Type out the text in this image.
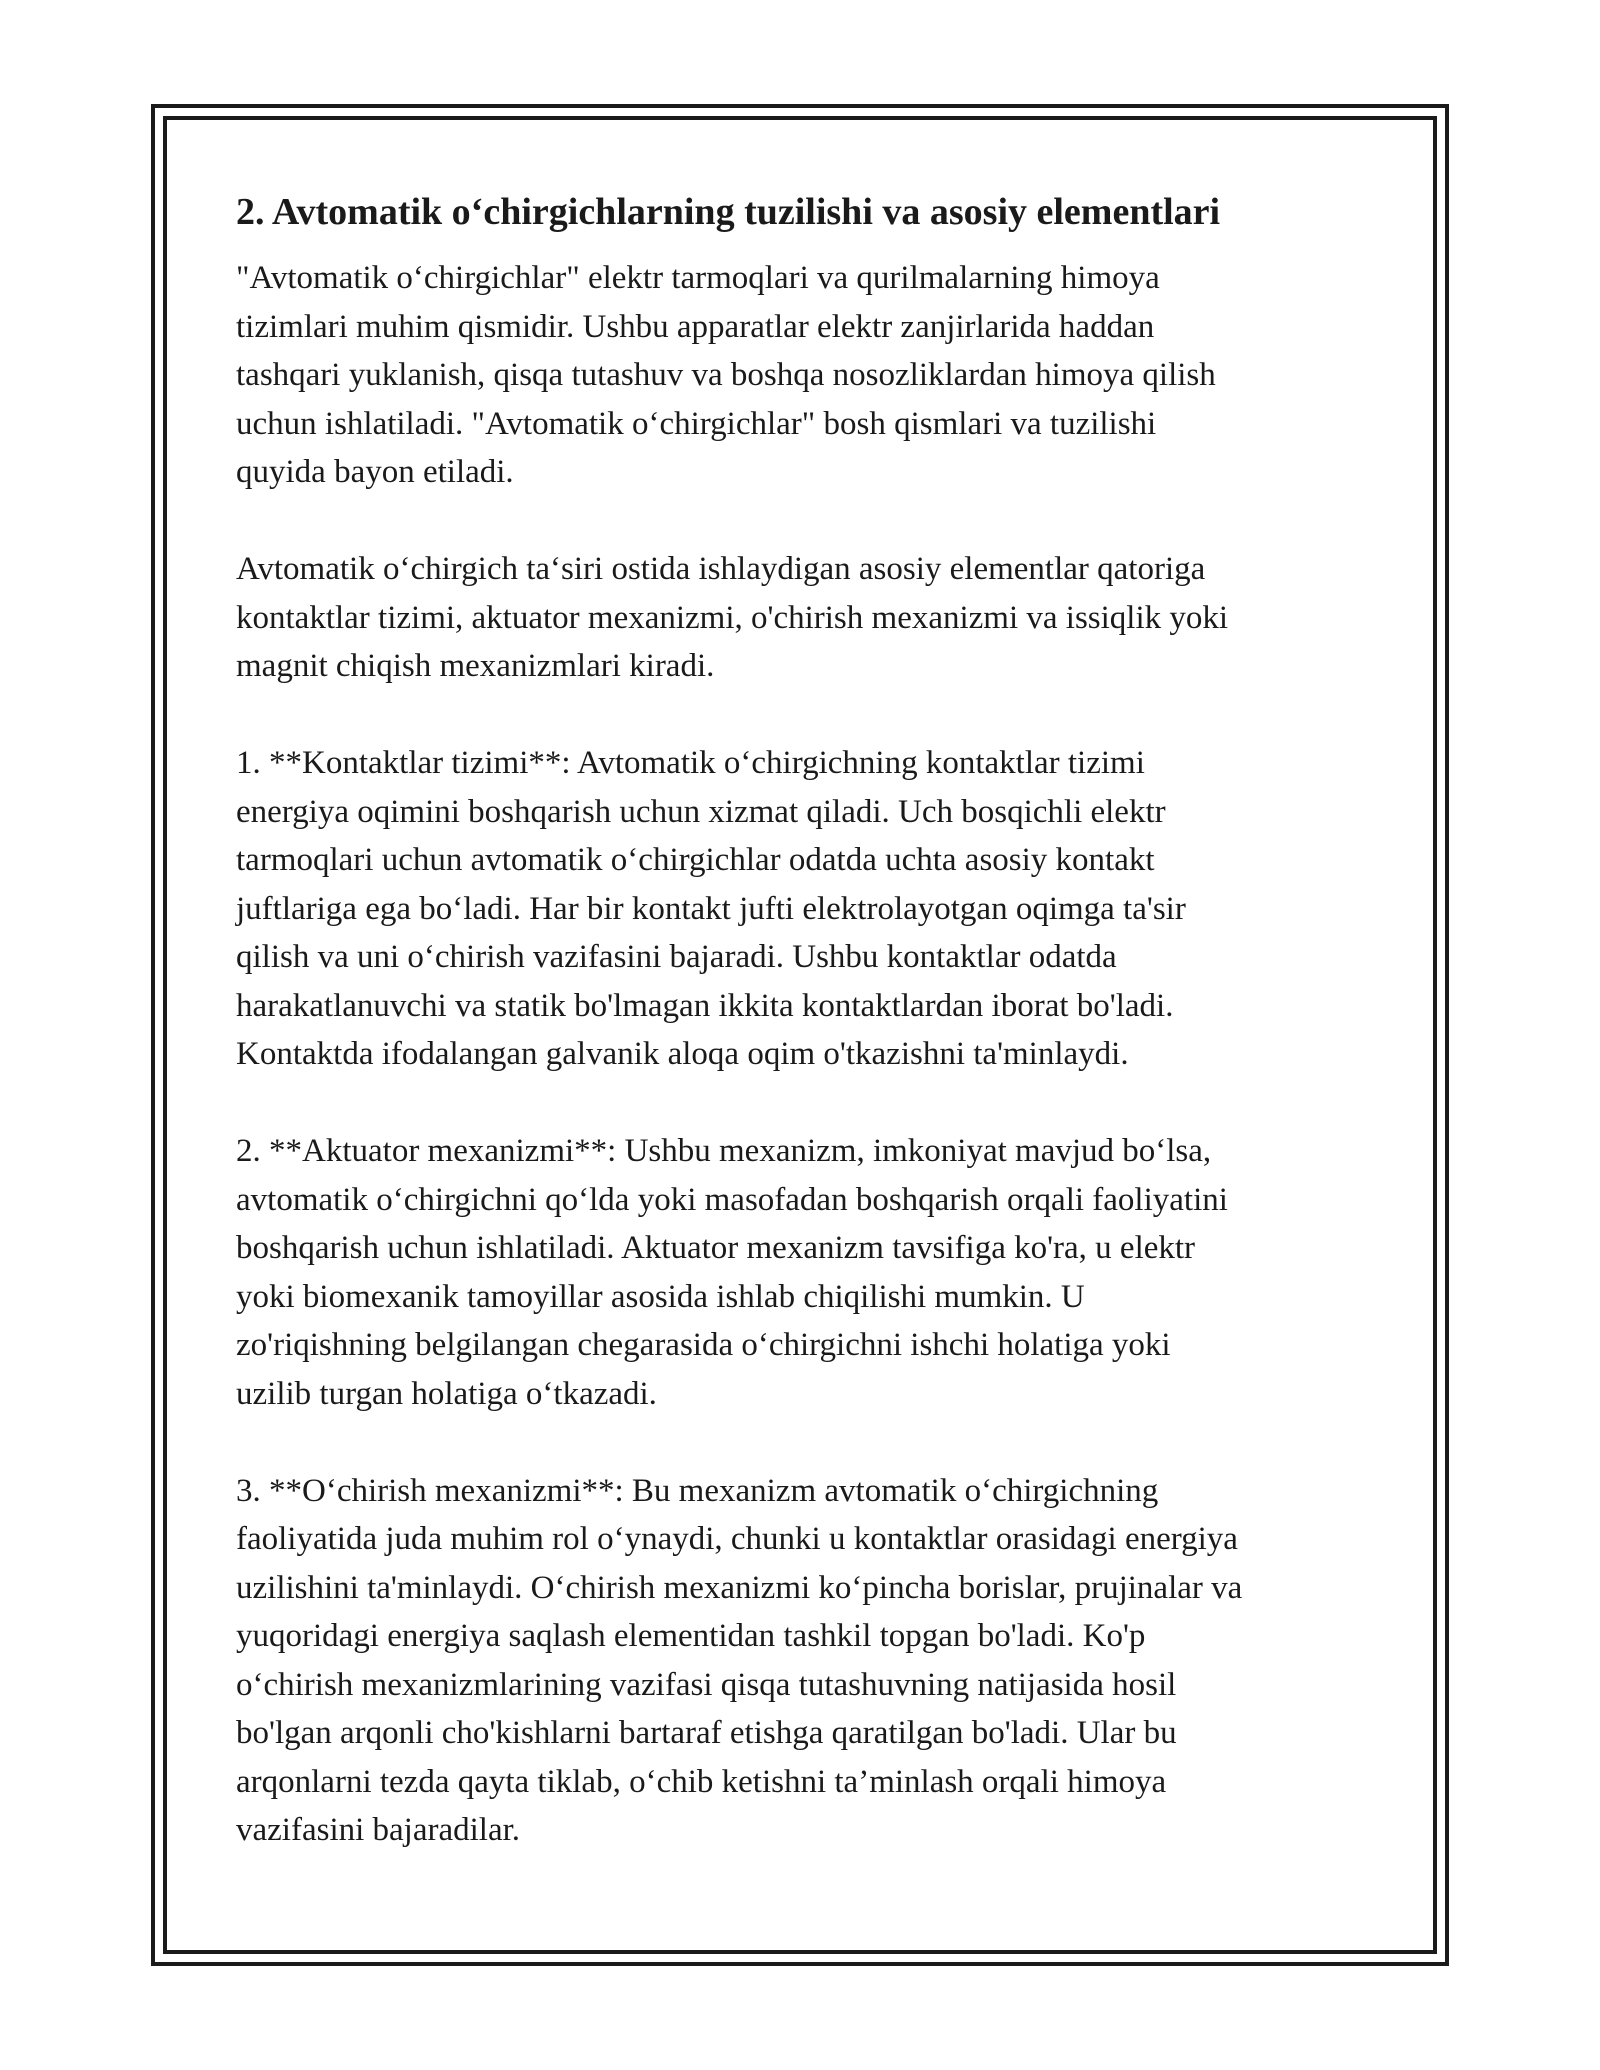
2. Avtomatik o‘chirgichlarning tuzilishi va asosiy elementlari

"Avtomatik o‘chirgichlar" elektr tarmoqlari va qurilmalarning himoya
tizimlari muhim qismidir. Ushbu apparatlar elektr zanjirlarida haddan
tashqari yuklanish, qisqa tutashuv va boshqa nosozliklardan himoya qilish
uchun ishlatiladi. "Avtomatik o‘chirgichlar" bosh qismlari va tuzilishi
quyida bayon etiladi.

Avtomatik o‘chirgich ta‘siri ostida ishlaydigan asosiy elementlar qatoriga
kontaktlar tizimi, aktuator mexanizmi, o'chirish mexanizmi va issiqlik yoki
magnit chiqish mexanizmlari kiradi.

1. **Kontaktlar tizimi**: Avtomatik o‘chirgichning kontaktlar tizimi
energiya oqimini boshqarish uchun xizmat qiladi. Uch bosqichli elektr
tarmoqlari uchun avtomatik o‘chirgichlar odatda uchta asosiy kontakt
juftlariga ega bo‘ladi. Har bir kontakt jufti elektrolayotgan oqimga ta'sir
qilish va uni o‘chirish vazifasini bajaradi. Ushbu kontaktlar odatda
harakatlanuvchi va statik bo'lmagan ikkita kontaktlardan iborat bo'ladi.
Kontaktda ifodalangan galvanik aloqa oqim o'tkazishni ta'minlaydi.

2. **Aktuator mexanizmi**: Ushbu mexanizm, imkoniyat mavjud bo‘lsa,
avtomatik o‘chirgichni qo‘lda yoki masofadan boshqarish orqali faoliyatini
boshqarish uchun ishlatiladi. Aktuator mexanizm tavsifiga ko'ra, u elektr
yoki biomexanik tamoyillar asosida ishlab chiqilishi mumkin. U
zo'riqishning belgilangan chegarasida o‘chirgichni ishchi holatiga yoki
uzilib turgan holatiga o‘tkazadi.

3. **O‘chirish mexanizmi**: Bu mexanizm avtomatik o‘chirgichning
faoliyatida juda muhim rol o‘ynaydi, chunki u kontaktlar orasidagi energiya
uzilishini ta'minlaydi. O‘chirish mexanizmi ko‘pincha borislar, prujinalar va
yuqoridagi energiya saqlash elementidan tashkil topgan bo'ladi. Ko'p
o‘chirish mexanizmlarining vazifasi qisqa tutashuvning natijasida hosil
bo'lgan arqonli cho'kishlarni bartaraf etishga qaratilgan bo'ladi. Ular bu
arqonlarni tezda qayta tiklab, o‘chib ketishni ta’minlash orqali himoya
vazifasini bajaradilar.
